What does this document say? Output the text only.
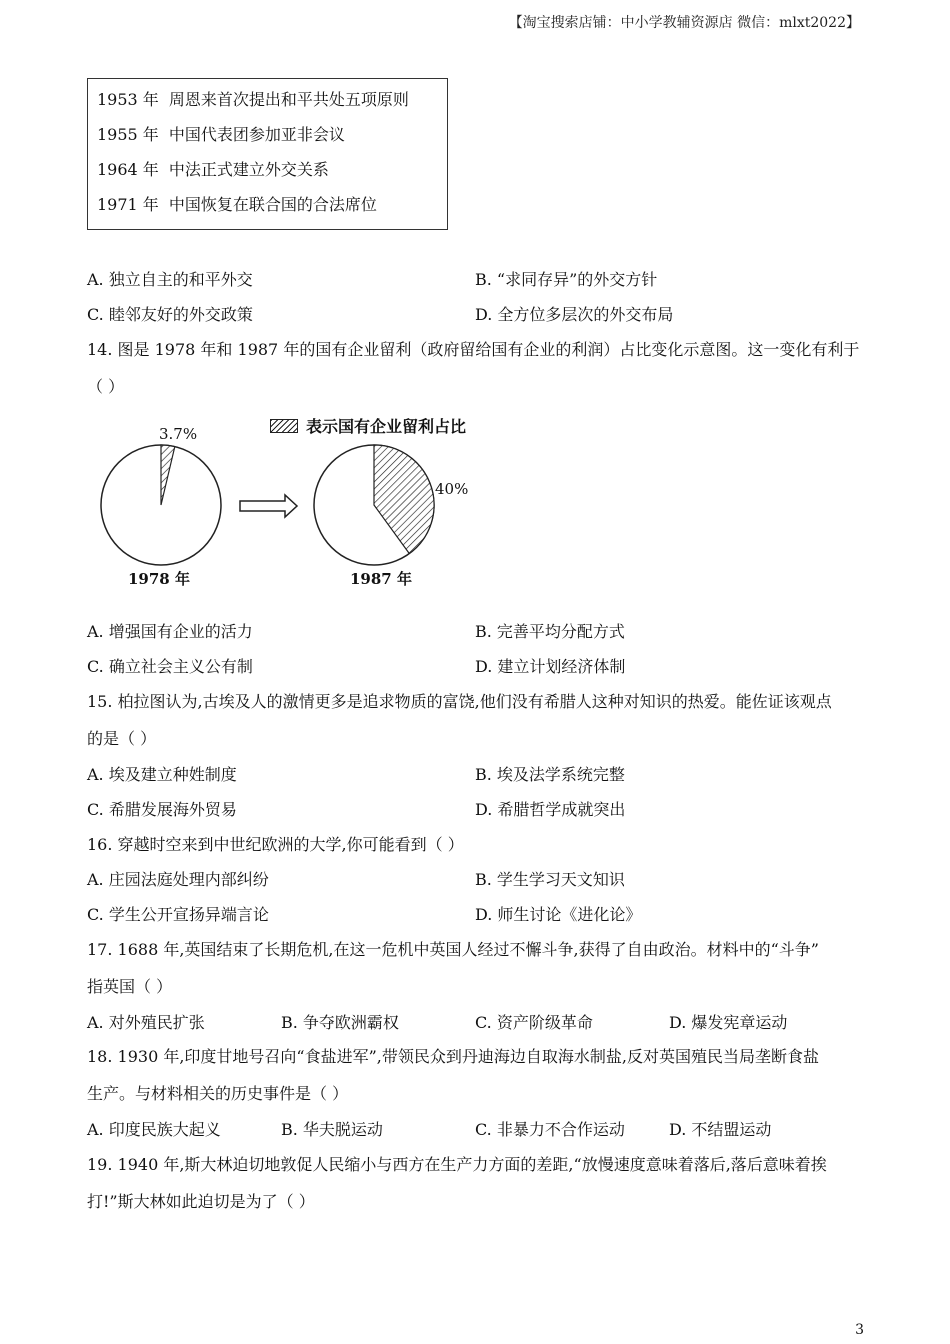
【淘宝搜索店铺：中小学教辅资源店 微信：mlxt2022】
1953 年 周恩来首次提出和平共处五项原则
1955 年 中国代表团参加亚非会议
1964 年 中法正式建立外交关系
1971 年 中国恢复在联合国的合法席位
A. 独立自主的和平外交	B. “求同存异”的外交方针
C. 睦邻友好的外交政策	D. 全方位多层次的外交布局
14. 图是 1978 年和 1987 年的国有企业留利（政府留给国有企业的利润）占比变化示意图。这一变化有利于
（ ）
表示国有企业留利占比
3.7%
40%
1978 年	1987 年
A. 增强国有企业的活力	B. 完善平均分配方式
C. 确立社会主义公有制	D. 建立计划经济体制
15. 柏拉图认为,古埃及人的激情更多是追求物质的富饶,他们没有希腊人这种对知识的热爱。能佐证该观点
的是（ ）
A. 埃及建立种姓制度	B. 埃及法学系统完整
C. 希腊发展海外贸易	D. 希腊哲学成就突出
16. 穿越时空来到中世纪欧洲的大学,你可能看到（ ）
A. 庄园法庭处理内部纠纷	B. 学生学习天文知识
C. 学生公开宣扬异端言论	D. 师生讨论《进化论》
17. 1688 年,英国结束了长期危机,在这一危机中英国人经过不懈斗争,获得了自由政治。材料中的“斗争”
指英国（ ）
A. 对外殖民扩张	B. 争夺欧洲霸权	C. 资产阶级革命	D. 爆发宪章运动
18. 1930 年,印度甘地号召向“食盐进军”,带领民众到丹迪海边自取海水制盐,反对英国殖民当局垄断食盐
生产。与材料相关的历史事件是（ ）
A. 印度民族大起义	B. 华夫脱运动	C. 非暴力不合作运动	D. 不结盟运动
19. 1940 年,斯大林迫切地敦促人民缩小与西方在生产力方面的差距,“放慢速度意味着落后,落后意味着挨
打!”斯大林如此迫切是为了（ ）
3
